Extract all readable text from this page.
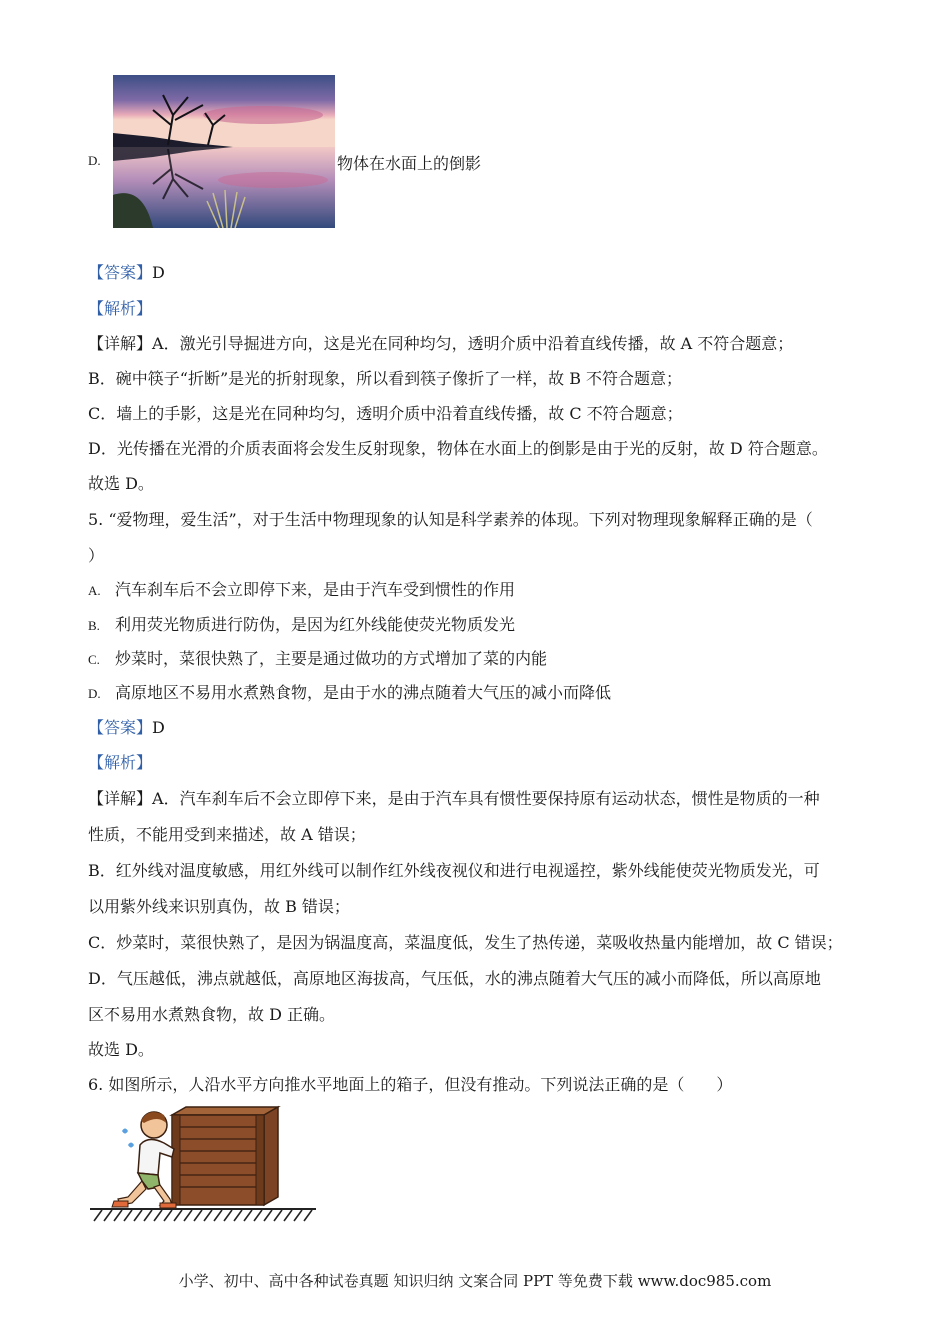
D.	物体在水面上的倒影
【答案】D
【解析】
【详解】A．激光引导掘进方向，这是光在同种均匀，透明介质中沿着直线传播，故 A 不符合题意；
B．碗中筷子“折断”是光的折射现象，所以看到筷子像折了一样，故 B 不符合题意；
C．墙上的手影，这是光在同种均匀，透明介质中沿着直线传播，故 C 不符合题意；
D．光传播在光滑的介质表面将会发生反射现象，物体在水面上的倒影是由于光的反射，故 D 符合题意。
故选 D。
5. “爱物理，爱生活”，对于生活中物理现象的认知是科学素养的体现。下列对物理现象解释正确的是（
）
A. 汽车刹车后不会立即停下来，是由于汽车受到惯性的作用
B. 利用荧光物质进行防伪，是因为红外线能使荧光物质发光
C. 炒菜时，菜很快熟了，主要是通过做功的方式增加了菜的内能
D. 高原地区不易用水煮熟食物，是由于水的沸点随着大气压的减小而降低
【答案】D
【解析】
【详解】A．汽车刹车后不会立即停下来，是由于汽车具有惯性要保持原有运动状态，惯性是物质的一种
性质，不能用受到来描述，故 A 错误；
B．红外线对温度敏感，用红外线可以制作红外线夜视仪和进行电视遥控，紫外线能使荧光物质发光，可
以用紫外线来识别真伪，故 B 错误；
C．炒菜时，菜很快熟了，是因为锅温度高，菜温度低，发生了热传递，菜吸收热量内能增加，故 C 错误；
D．气压越低，沸点就越低，高原地区海拔高，气压低，水的沸点随着大气压的减小而降低，所以高原地
区不易用水煮熟食物，故 D 正确。
故选 D。
6. 如图所示，人沿水平方向推水平地面上的箱子，但没有推动。下列说法正确的是（　　）
小学、初中、高中各种试卷真题 知识归纳 文案合同 PPT 等免费下载 www.doc985.com
